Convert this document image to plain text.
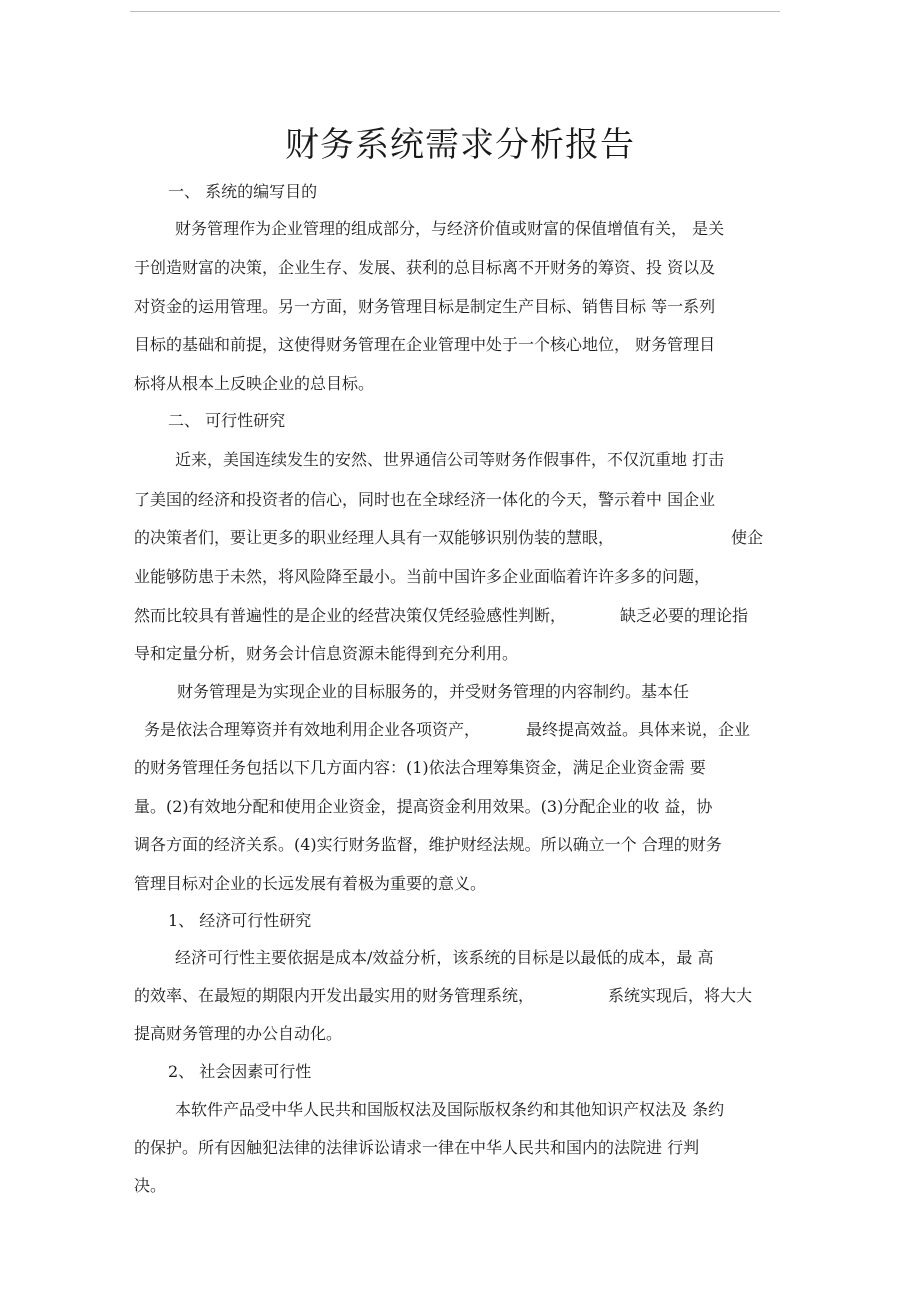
财务系统需求分析报告
一、 系统的编写目的
财务管理作为企业管理的组成部分，与经济价值或财富的保值增值有关， 是关
于创造财富的决策，企业生存、发展、获利的总目标离不开财务的筹资、投 资以及
对资金的运用管理。另一方面，财务管理目标是制定生产目标、销售目标 等一系列
目标的基础和前提，这使得财务管理在企业管理中处于一个核心地位， 财务管理目
标将从根本上反映企业的总目标。
二、 可行性研究
近来，美国连续发生的安然、世界通信公司等财务作假事件，不仅沉重地 打击
了美国的经济和投资者的信心，同时也在全球经济一体化的今天，警示着中 国企业
的决策者们，要让更多的职业经理人具有一双能够识别伪装的慧眼，	使企
业能够防患于未然，将风险降至最小。当前中国许多企业面临着许许多多的问题，
然而比较具有普遍性的是企业的经营决策仅凭经验感性判断，	缺乏必要的理论指
导和定量分析，财务会计信息资源未能得到充分利用。
财务管理是为实现企业的目标服务的，并受财务管理的内容制约。基本任
务是依法合理筹资并有效地利用企业各项资产，	最终提高效益。具体来说，企业
的财务管理任务包括以下几方面内容：(1)依法合理筹集资金，满足企业资金需 要
量。(2)有效地分配和使用企业资金，提高资金利用效果。(3)分配企业的收 益，协
调各方面的经济关系。(4)实行财务监督，维护财经法规。所以确立一个 合理的财务
管理目标对企业的长远发展有着极为重要的意义。
1、 经济可行性研究
经济可行性主要依据是成本/效益分析，该系统的目标是以最低的成本，最 高
的效率、在最短的期限内开发出最实用的财务管理系统，	系统实现后，将大大
提高财务管理的办公自动化。
2、 社会因素可行性
本软件产品受中华人民共和国版权法及国际版权条约和其他知识产权法及 条约
的保护。所有因触犯法律的法律诉讼请求一律在中华人民共和国内的法院进 行判
决。
